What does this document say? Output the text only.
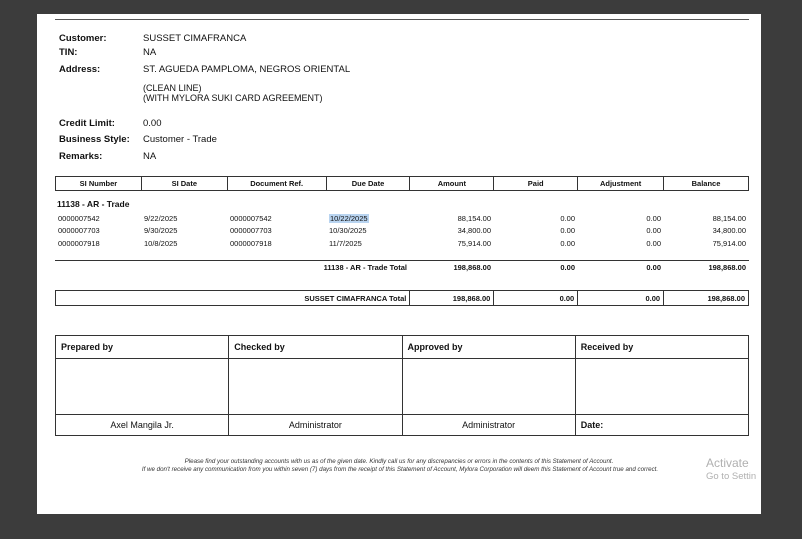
Customer:	SUSSET CIMAFRANCA
TIN:	NA
Address:	ST. AGUEDA PAMPLOMA, NEGROS ORIENTAL
(CLEAN LINE)
(WITH MYLORA SUKI CARD AGREEMENT)
Credit Limit:	0.00
Business Style:	Customer - Trade
Remarks:	NA
SI Number	SI Date	Document Ref.	Due Date	Amount	Paid	Adjustment	Balance
11138 - AR - Trade
0000007542	9/22/2025	0000007542	10/22/2025	88,154.00	0.00	0.00	88,154.00
0000007703	9/30/2025	0000007703	10/30/2025	34,800.00	0.00	0.00	34,800.00
0000007918	10/8/2025	0000007918	11/7/2025	75,914.00	0.00	0.00	75,914.00
11138 - AR - Trade Total	198,868.00	0.00	0.00	198,868.00
SUSSET CIMAFRANCA Total	198,868.00	0.00	0.00	198,868.00
Prepared by	Checked by	Approved by	Received by

Axel Mangila Jr.	Administrator	Administrator	Date:
Please find your outstanding accounts with us as of the given date. Kindly call us for any discrepancies or errors in the contents of this Statement of Account.
If we don't receive any communication from you within seven (7) days from the receipt of this Statement of Account, Mylora Corporation will deem this Statement of Account true and correct.	Activate
Go to Settin
